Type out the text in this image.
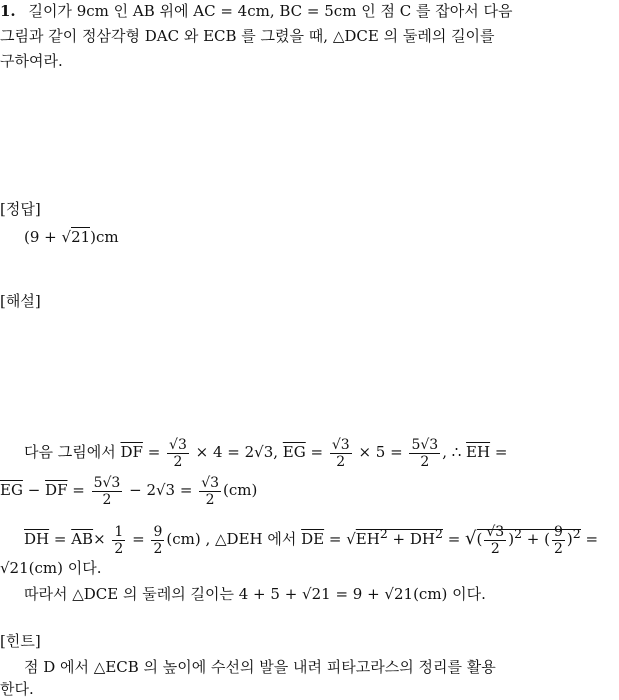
1. 길이가 9cm 인 AB 위에 AC = 4cm, BC = 5cm 인 점 C 를 잡아서 다음
그림과 같이 정삼각형 DAC 와 ECB 를 그렸을 때, △DCE 의 둘레의 길이를
구하여라.
[정답]
(9 + √21)cm
[해설]
다음 그림에서 $\overline{DF} = \frac{√3}{2} \times 4 = 2√3$, $\overline{EG} = \frac{√3}{2} \times 5 = \frac{5√3}{2}$ , ∴ $\overline{EH}$ =
$\overline{EG} - \overline{DF} = \frac{5√3}{2} - 2√3 = \frac{√3}{2} (cm)$
$\overline{DH} = \overline{AB}\times \frac{1}{2} = \frac{9}{2} (cm)$ , △DEH 에서 $\overline{DE} = √EH^2 + \overline{DH}^2$ = √( $\frac{√3}{2} )^2$ + ( $\frac{9}{2} )^2$ =
√21(cm) 이다.
따라서 △DCE 의 둘레의 길이는 4 + 5 + √21 = 9 + √21(cm) 이다.
[힌트]
점 D 에서 △ECB 의 높이에 수선의 발을 내려 피타고라스의 정리를 활용
한다.
